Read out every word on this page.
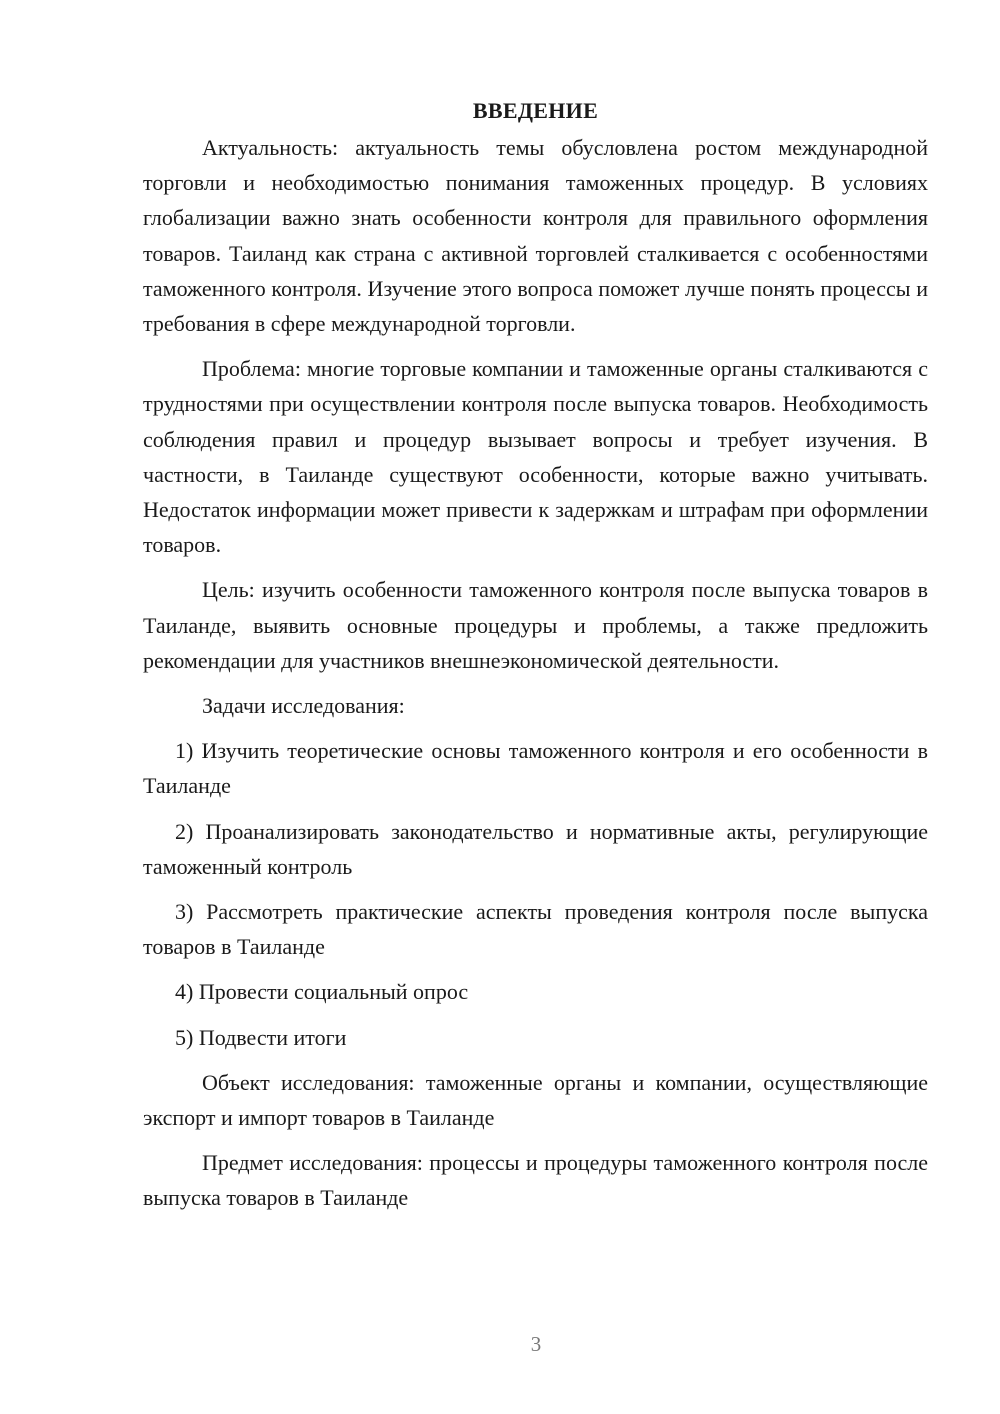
ВВЕДЕНИЕ

Актуальность: актуальность темы обусловлена ростом международной торговли и необходимостью понимания таможенных процедур. В условиях глобализации важно знать особенности контроля для правильного оформления товаров. Таиланд как страна с активной торговлей сталкивается с особенностями таможенного контроля. Изучение этого вопроса поможет лучше понять процессы и требования в сфере международной торговли.

Проблема: многие торговые компании и таможенные органы сталкиваются с трудностями при осуществлении контроля после выпуска товаров. Необходимость соблюдения правил и процедур вызывает вопросы и требует изучения. В частности, в Таиланде существуют особенности, которые важно учитывать. Недостаток информации может привести к задержкам и штрафам при оформлении товаров.

Цель: изучить особенности таможенного контроля после выпуска товаров в Таиланде, выявить основные процедуры и проблемы, а также предложить рекомендации для участников внешнеэкономической деятельности.

Задачи исследования:

1) Изучить теоретические основы таможенного контроля и его особенности в Таиланде

2) Проанализировать законодательство и нормативные акты, регулирующие таможенный контроль

3) Рассмотреть практические аспекты проведения контроля после выпуска товаров в Таиланде

4) Провести социальный опрос

5) Подвести итоги

Объект исследования: таможенные органы и компании, осуществляющие экспорт и импорт товаров в Таиланде

Предмет исследования: процессы и процедуры таможенного контроля после выпуска товаров в Таиланде

3
